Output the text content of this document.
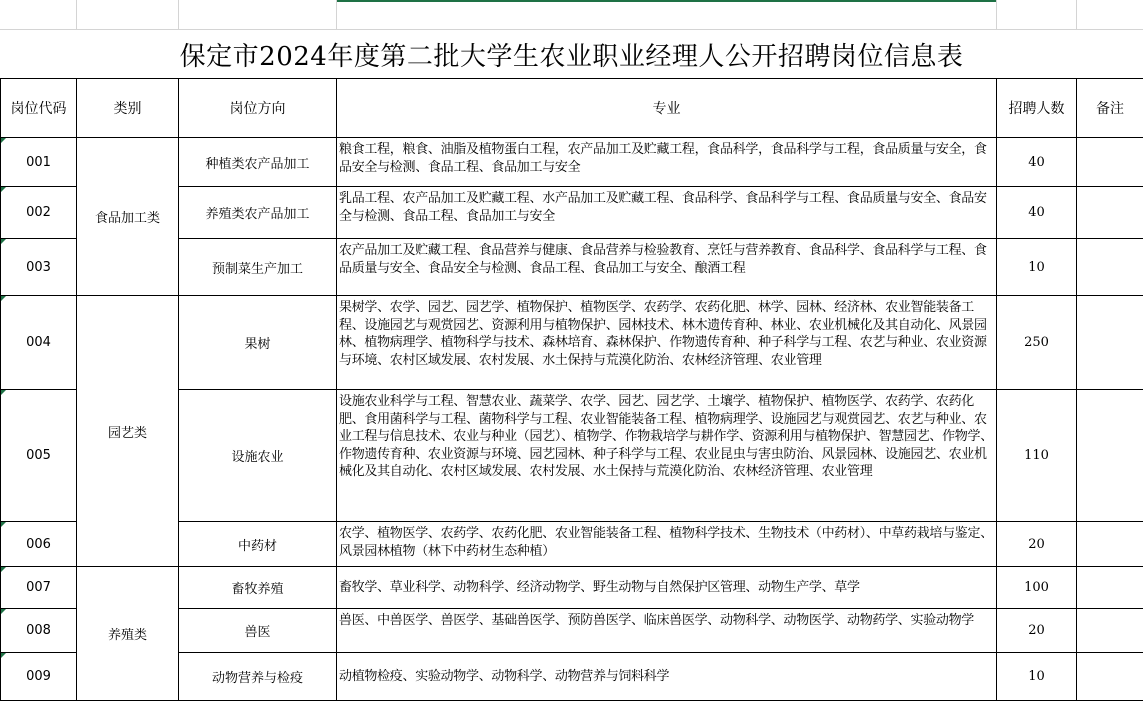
保定市2024年度第二批大学生农业职业经理人公开招聘岗位信息表
岗位代码	类别	岗位方向	专业	招聘人数	备注
001	食品加工类	种植类农产品加工	粮食工程，粮食、油脂及植物蛋白工程，农产品加工及贮藏工程，食品科学，食品科学与工程，食品质量与安全，食品安全与检测、食品工程、食品加工与安全	40	
002		养殖类农产品加工	乳品工程、农产品加工及贮藏工程、水产品加工及贮藏工程、食品科学、食品科学与工程、食品质量与安全、食品安全与检测、食品工程、食品加工与安全	40	
003		预制菜生产加工	农产品加工及贮藏工程、食品营养与健康、食品营养与检验教育、烹饪与营养教育、食品科学、食品科学与工程、食品质量与安全、食品安全与检测、食品工程、食品加工与安全、酿酒工程	10	
004	园艺类	果树	果树学、农学、园艺、园艺学、植物保护、植物医学、农药学、农药化肥、林学、园林、经济林、农业智能装备工程、设施园艺与观赏园艺、资源利用与植物保护、园林技术、林木遗传育种、林业、农业机械化及其自动化、风景园林、植物病理学、植物科学与技术、森林培育、森林保护、作物遗传育种、种子科学与工程、农艺与种业、农业资源与环境、农村区域发展、农村发展、水土保持与荒漠化防治、农林经济管理、农业管理	250	
005		设施农业	设施农业科学与工程、智慧农业、蔬菜学、农学、园艺、园艺学、土壤学、植物保护、植物医学、农药学、农药化肥、食用菌科学与工程、菌物科学与工程、农业智能装备工程、植物病理学、设施园艺与观赏园艺、农艺与种业、农业工程与信息技术、农业与种业（园艺）、植物学、作物栽培学与耕作学、资源利用与植物保护、智慧园艺、作物学、作物遗传育种、农业资源与环境、园艺园林、种子科学与工程、农业昆虫与害虫防治、风景园林、设施园艺、农业机械化及其自动化、农村区域发展、农村发展、水土保持与荒漠化防治、农林经济管理、农业管理	110	
006		中药材	农学、植物医学、农药学、农药化肥、农业智能装备工程、植物科学技术、生物技术（中药材）、中草药栽培与鉴定、风景园林植物（林下中药材生态种植）	20	
007	养殖类	畜牧养殖	畜牧学、草业科学、动物科学、经济动物学、野生动物与自然保护区管理、动物生产学、草学	100	
008		兽医	兽医、中兽医学、兽医学、基础兽医学、预防兽医学、临床兽医学、动物科学、动物医学、动物药学、实验动物学	20	
009		动物营养与检疫	动植物检疫、实验动物学、动物科学、动物营养与饲料科学	10	
